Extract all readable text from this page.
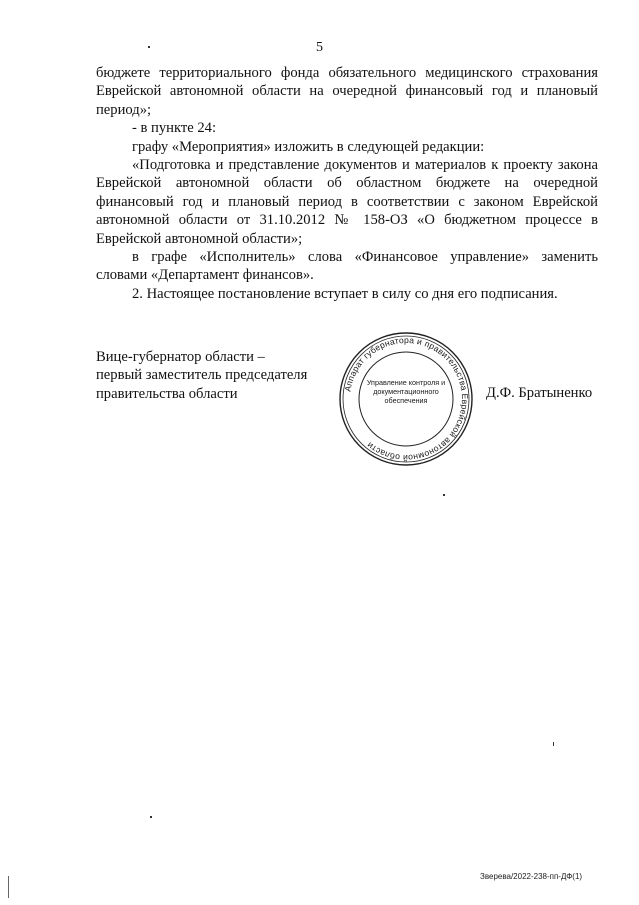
5

бюджете территориального фонда обязательного медицинского страхования Еврейской автономной области на очередной финансовый год и плановый период»;

- в пункте 24:

графу «Мероприятия» изложить в следующей редакции:

«Подготовка и представление документов и материалов к проекту закона Еврейской автономной области об областном бюджете на очередной финансовый год и плановый период в соответствии с законом Еврейской автономной области от 31.10.2012 № 158-ОЗ «О бюджетном процессе в Еврейской автономной области»;

в графе «Исполнитель» слова «Финансовое управление» заменить словами «Департамент финансов».

2. Настоящее постановление вступает в силу со дня его подписания.

Вице-губернатор области –
первый заместитель председателя
правительства области	Аппарат губернатора и правительства Еврейской автономной области
Управление контроля и
документационного
обеспечения	Д.Ф. Братыненко
Зверева/2022-238-пп-ДФ(1)
